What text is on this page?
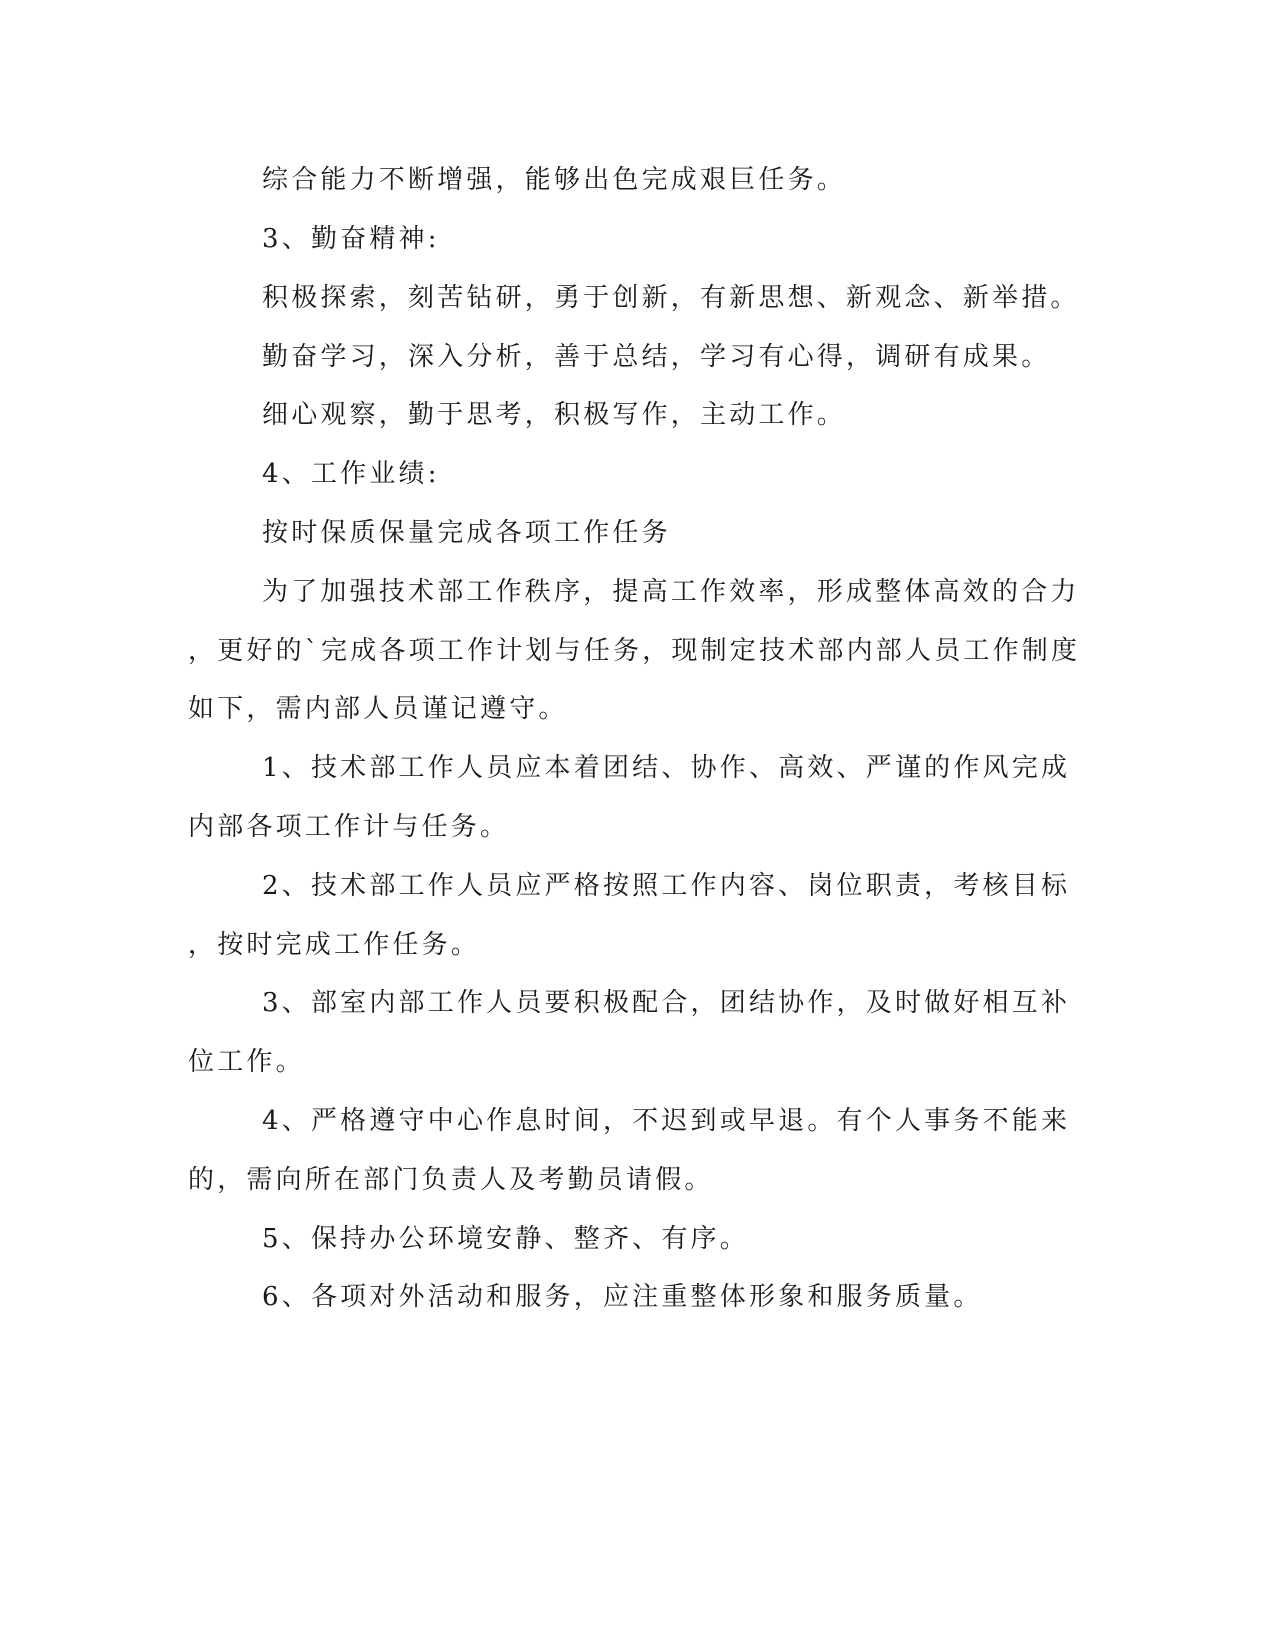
综合能力不断增强，能够出色完成艰巨任务。
3、勤奋精神:
积极探索，刻苦钻研，勇于创新，有新思想、新观念、新举措。
勤奋学习，深入分析，善于总结，学习有心得，调研有成果。
细心观察，勤于思考，积极写作，主动工作。
4、工作业绩:
按时保质保量完成各项工作任务
为了加强技术部工作秩序，提高工作效率，形成整体高效的合力
，更好的`完成各项工作计划与任务，现制定技术部内部人员工作制度
如下，需内部人员谨记遵守。
1、技术部工作人员应本着团结、协作、高效、严谨的作风完成
内部各项工作计与任务。
2、技术部工作人员应严格按照工作内容、岗位职责，考核目标
，按时完成工作任务。
3、部室内部工作人员要积极配合，团结协作，及时做好相互补
位工作。
4、严格遵守中心作息时间，不迟到或早退。有个人事务不能来
的，需向所在部门负责人及考勤员请假。
5、保持办公环境安静、整齐、有序。
6、各项对外活动和服务，应注重整体形象和服务质量。
